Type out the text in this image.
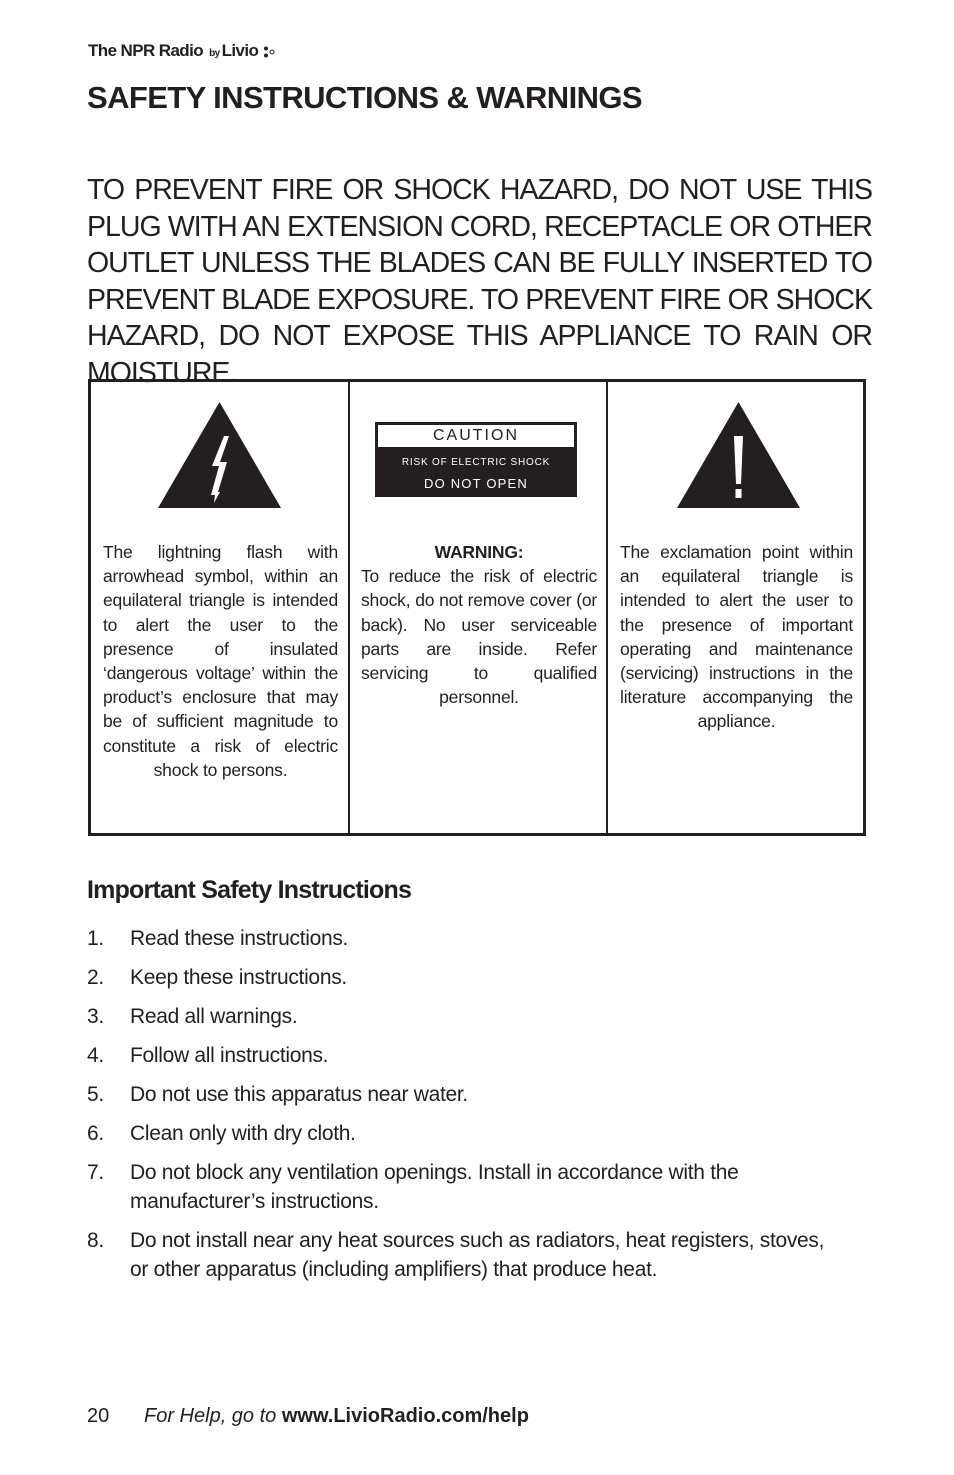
The NPR Radio by Livio
SAFETY INSTRUCTIONS & WARNINGS

TO PREVENT FIRE OR SHOCK HAZARD, DO NOT USE THIS PLUG WITH AN EXTENSION CORD, RECEPTACLE OR OTHER OUTLET UNLESS THE BLADES CAN BE FULLY INSERTED TO PREVENT BLADE EXPOSURE. TO PREVENT FIRE OR SHOCK HAZARD, DO NOT EXPOSE THIS APPLIANCE TO RAIN OR MOISTURE.

The lightning flash with arrowhead symbol, within an equilateral triangle is intended to alert the user to the presence of insulated ‘dangerous voltage’ within the product’s enclosure that may be of sufficient magnitude to constitute a risk of electric shock to persons.
CAUTION
RISK OF ELECTRIC SHOCK
DO NOT OPEN
WARNING:
To reduce the risk of electric shock, do not remove cover (or back). No user serviceable parts are inside. Refer servicing to qualified personnel.
The exclamation point within an equilateral triangle is intended to alert the user to the presence of important operating and maintenance (servicing) instructions in the literature accompanying the appliance.
Important Safety Instructions
1. Read these instructions.
2. Keep these instructions.
3. Read all warnings.
4. Follow all instructions.
5. Do not use this apparatus near water.
6. Clean only with dry cloth.
7. Do not block any ventilation openings. Install in accordance with the manufacturer’s instructions.
8. Do not install near any heat sources such as radiators, heat registers, stoves, or other apparatus (including amplifiers) that produce heat.
20 For Help, go to www.LivioRadio.com/help
